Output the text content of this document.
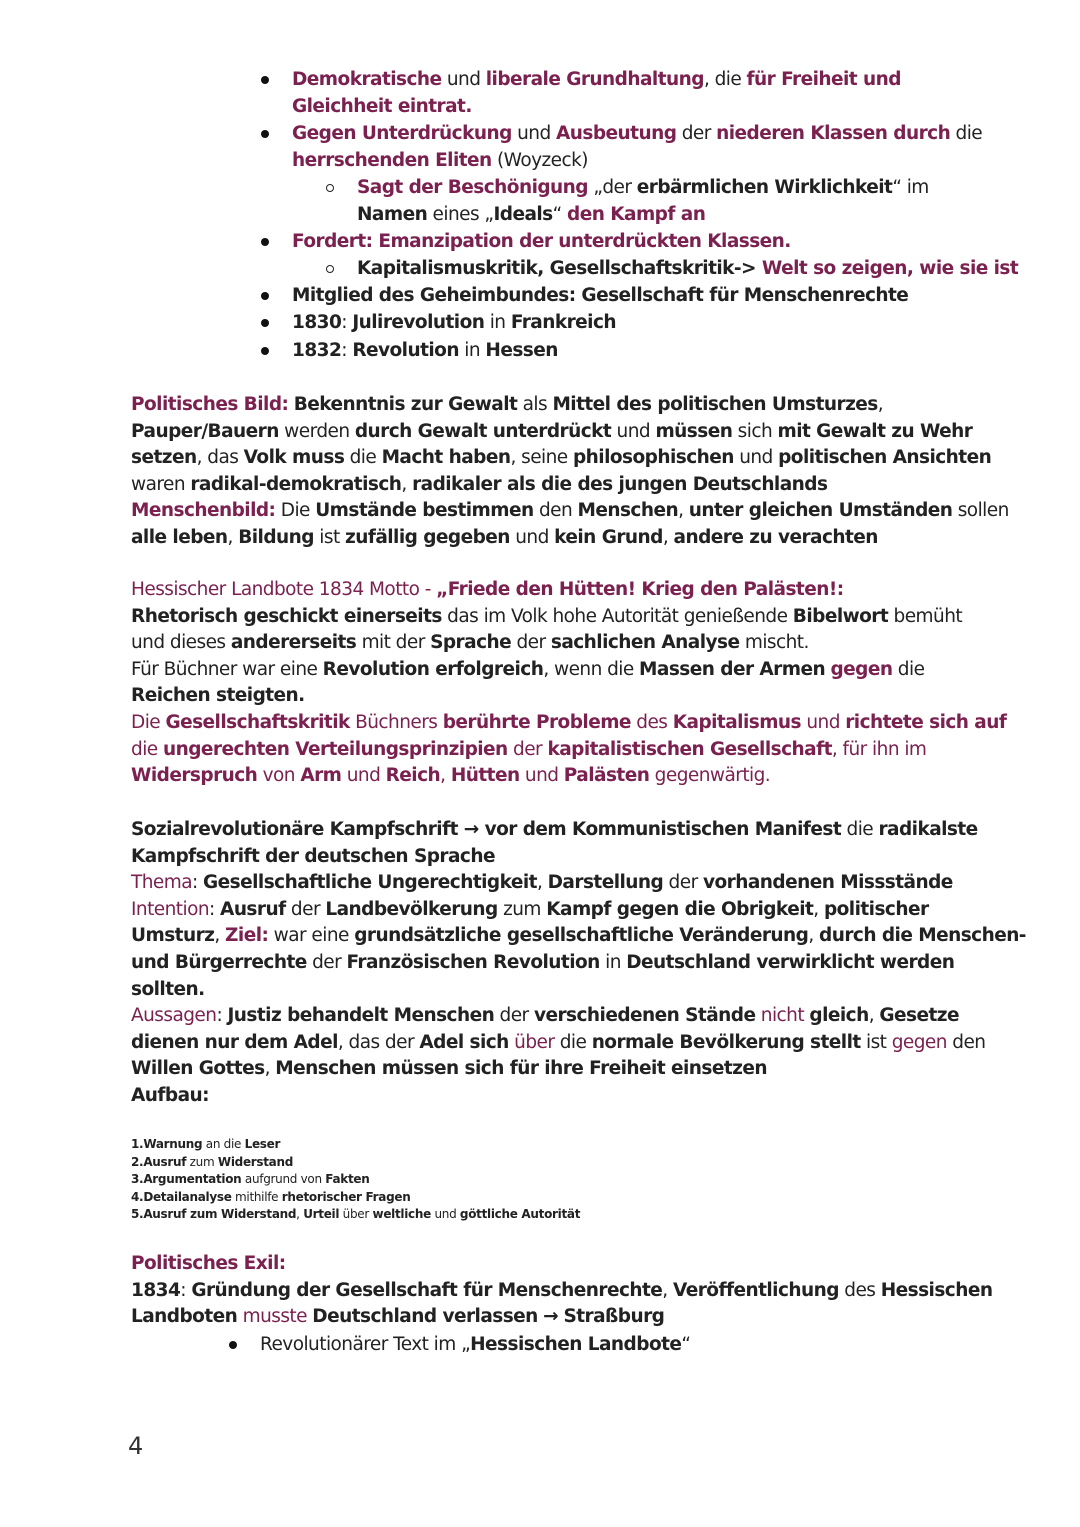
Demokratische und liberale Grundhaltung, die für Freiheit und
Gleichheit eintrat.
Gegen Unterdrückung und Ausbeutung der niederen Klassen durch die
herrschenden Eliten (Woyzeck)
Sagt der Beschönigung „der erbärmlichen Wirklichkeit“ im
Namen eines „Ideals“ den Kampf an
Fordert: Emanzipation der unterdrückten Klassen.
Kapitalismuskritik, Gesellschaftskritik-> Welt so zeigen, wie sie ist
Mitglied des Geheimbundes: Gesellschaft für Menschenrechte
1830: Julirevolution in Frankreich
1832: Revolution in Hessen
Politisches Bild: Bekenntnis zur Gewalt als Mittel des politischen Umsturzes,
Pauper/Bauern werden durch Gewalt unterdrückt und müssen sich mit Gewalt zu Wehr
setzen, das Volk muss die Macht haben, seine philosophischen und politischen Ansichten
waren radikal-demokratisch, radikaler als die des jungen Deutschlands
Menschenbild: Die Umstände bestimmen den Menschen, unter gleichen Umständen sollen
alle leben, Bildung ist zufällig gegeben und kein Grund, andere zu verachten
Hessischer Landbote 1834 Motto - „Friede den Hütten! Krieg den Palästen!:
Rhetorisch geschickt einerseits das im Volk hohe Autorität genießende Bibelwort bemüht
und dieses andererseits mit der Sprache der sachlichen Analyse mischt.
Für Büchner war eine Revolution erfolgreich, wenn die Massen der Armen gegen die
Reichen steigten.
Die Gesellschaftskritik Büchners berührte Probleme des Kapitalismus und richtete sich auf
die ungerechten Verteilungsprinzipien der kapitalistischen Gesellschaft, für ihn im
Widerspruch von Arm und Reich, Hütten und Palästen gegenwärtig.
Sozialrevolutionäre Kampfschrift → vor dem Kommunistischen Manifest die radikalste
Kampfschrift der deutschen Sprache
Thema: Gesellschaftliche Ungerechtigkeit, Darstellung der vorhandenen Missstände
Intention: Ausruf der Landbevölkerung zum Kampf gegen die Obrigkeit, politischer
Umsturz, Ziel: war eine grundsätzliche gesellschaftliche Veränderung, durch die Menschen-
und Bürgerrechte der Französischen Revolution in Deutschland verwirklicht werden
sollten.
Aussagen: Justiz behandelt Menschen der verschiedenen Stände nicht gleich, Gesetze
dienen nur dem Adel, das der Adel sich über die normale Bevölkerung stellt ist gegen den
Willen Gottes, Menschen müssen sich für ihre Freiheit einsetzen
Aufbau:
1.Warnung an die Leser
2.Ausruf zum Widerstand
3.Argumentation aufgrund von Fakten
4.Detailanalyse mithilfe rhetorischer Fragen
5.Ausruf zum Widerstand, Urteil über weltliche und göttliche Autorität
Politisches Exil:
1834: Gründung der Gesellschaft für Menschenrechte, Veröffentlichung des Hessischen
Landboten musste Deutschland verlassen → Straßburg
Revolutionärer Text im „Hessischen Landbote“
4
